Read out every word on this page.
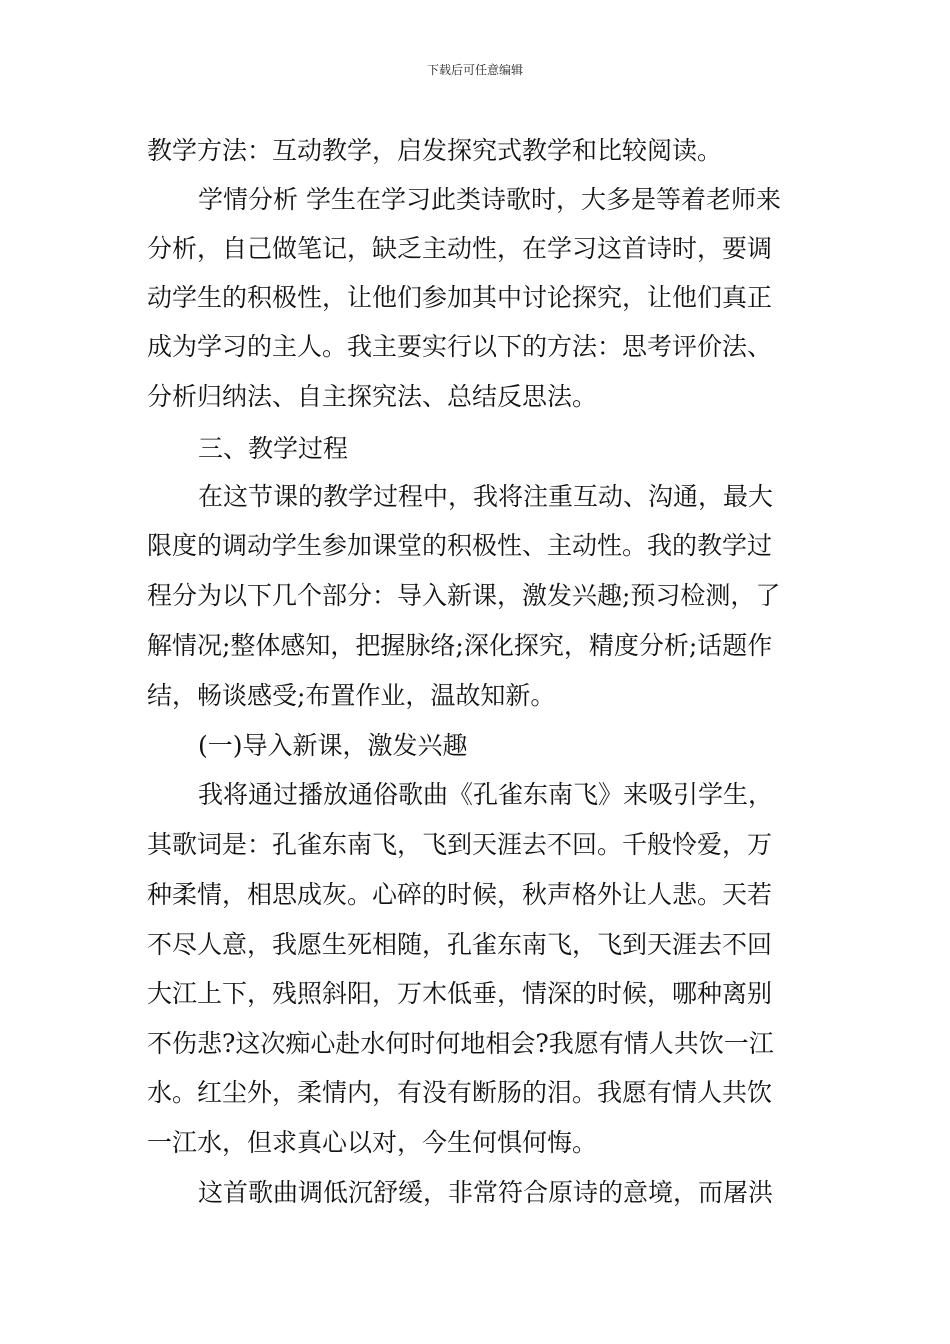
下载后可任意编辑
教学方法：互动教学，启发探究式教学和比较阅读。
学情分析 学生在学习此类诗歌时，大多是等着老师来
分析，自己做笔记，缺乏主动性，在学习这首诗时，要调
动学生的积极性，让他们参加其中讨论探究，让他们真正
成为学习的主人。我主要实行以下的方法：思考评价法、
分析归纳法、自主探究法、总结反思法。
三、教学过程
在这节课的教学过程中，我将注重互动、沟通，最大
限度的调动学生参加课堂的积极性、主动性。我的教学过
程分为以下几个部分：导入新课，激发兴趣;预习检测，了
解情况;整体感知，把握脉络;深化探究，精度分析;话题作
结，畅谈感受;布置作业，温故知新。
(一)导入新课，激发兴趣
我将通过播放通俗歌曲《孔雀东南飞》来吸引学生，
其歌词是：孔雀东南飞，飞到天涯去不回。千般怜爱，万
种柔情，相思成灰。心碎的时候，秋声格外让人悲。天若
不尽人意，我愿生死相随，孔雀东南飞，飞到天涯去不回
大江上下，残照斜阳，万木低垂，情深的时候，哪种离别
不伤悲?这次痴心赴水何时何地相会?我愿有情人共饮一江
水。红尘外，柔情内，有没有断肠的泪。我愿有情人共饮
一江水，但求真心以对，今生何惧何悔。
这首歌曲调低沉舒缓，非常符合原诗的意境，而屠洪
